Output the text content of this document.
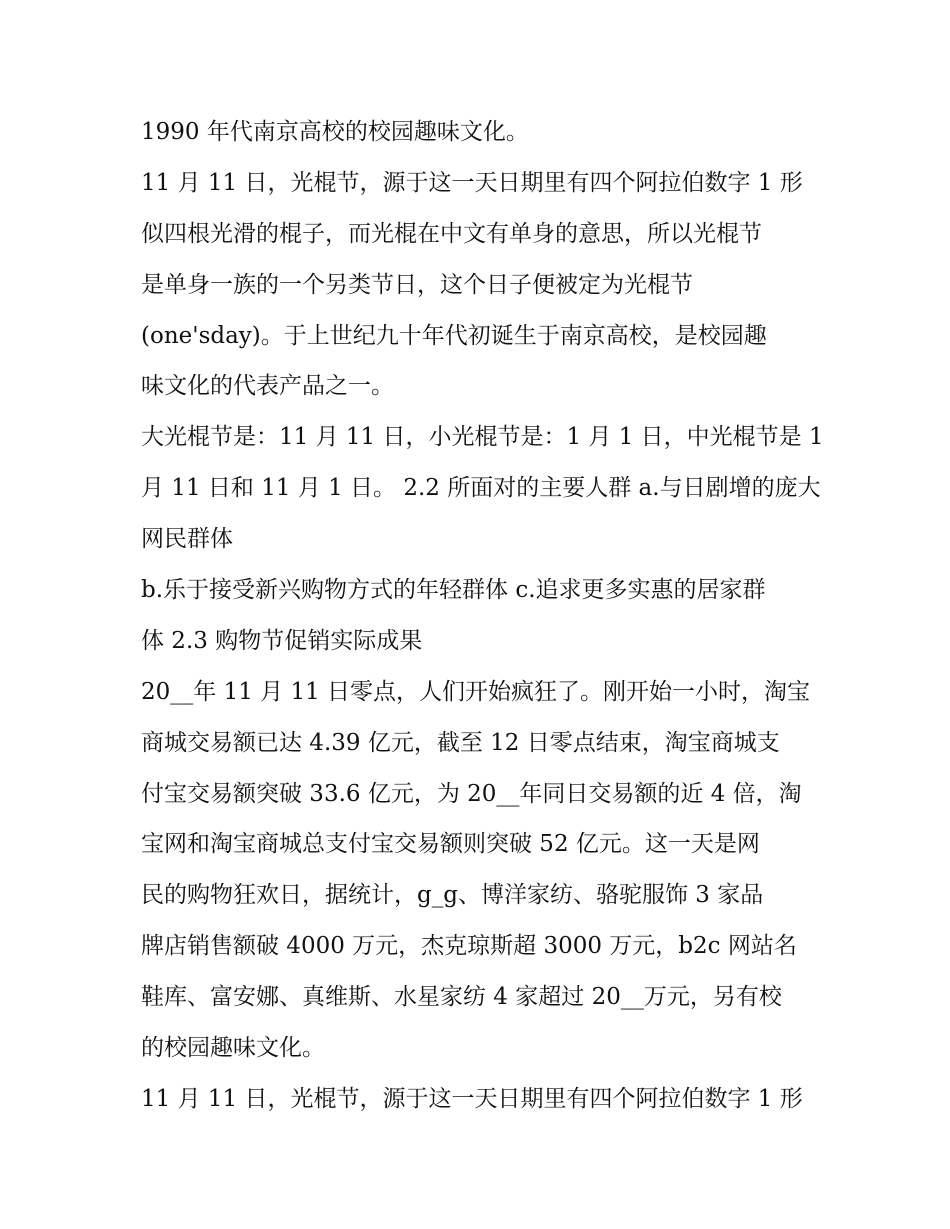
1990 年代南京高校的校园趣味文化。
11 月 11 日，光棍节，源于这一天日期里有四个阿拉伯数字 1 形
似四根光滑的棍子，而光棍在中文有单身的意思，所以光棍节
是单身一族的一个另类节日，这个日子便被定为光棍节
(one'sday)。于上世纪九十年代初诞生于南京高校，是校园趣
味文化的代表产品之一。
大光棍节是：11 月 11 日，小光棍节是：1 月 1 日，中光棍节是 1
月 11 日和 11 月 1 日。 2.2 所面对的主要人群 a.与日剧增的庞大
网民群体
b.乐于接受新兴购物方式的年轻群体 c.追求更多实惠的居家群
体 2.3 购物节促销实际成果
20__年 11 月 11 日零点，人们开始疯狂了。刚开始一小时，淘宝
商城交易额已达 4.39 亿元，截至 12 日零点结束，淘宝商城支
付宝交易额突破 33.6 亿元，为 20__年同日交易额的近 4 倍，淘
宝网和淘宝商城总支付宝交易额则突破 52 亿元。这一天是网
民的购物狂欢日，据统计，g_g、博洋家纺、骆驼服饰 3 家品
牌店销售额破 4000 万元，杰克琼斯超 3000 万元，b2c 网站名
鞋库、富安娜、真维斯、水星家纺 4 家超过 20__万元，另有校
的校园趣味文化。
11 月 11 日，光棍节，源于这一天日期里有四个阿拉伯数字 1 形
